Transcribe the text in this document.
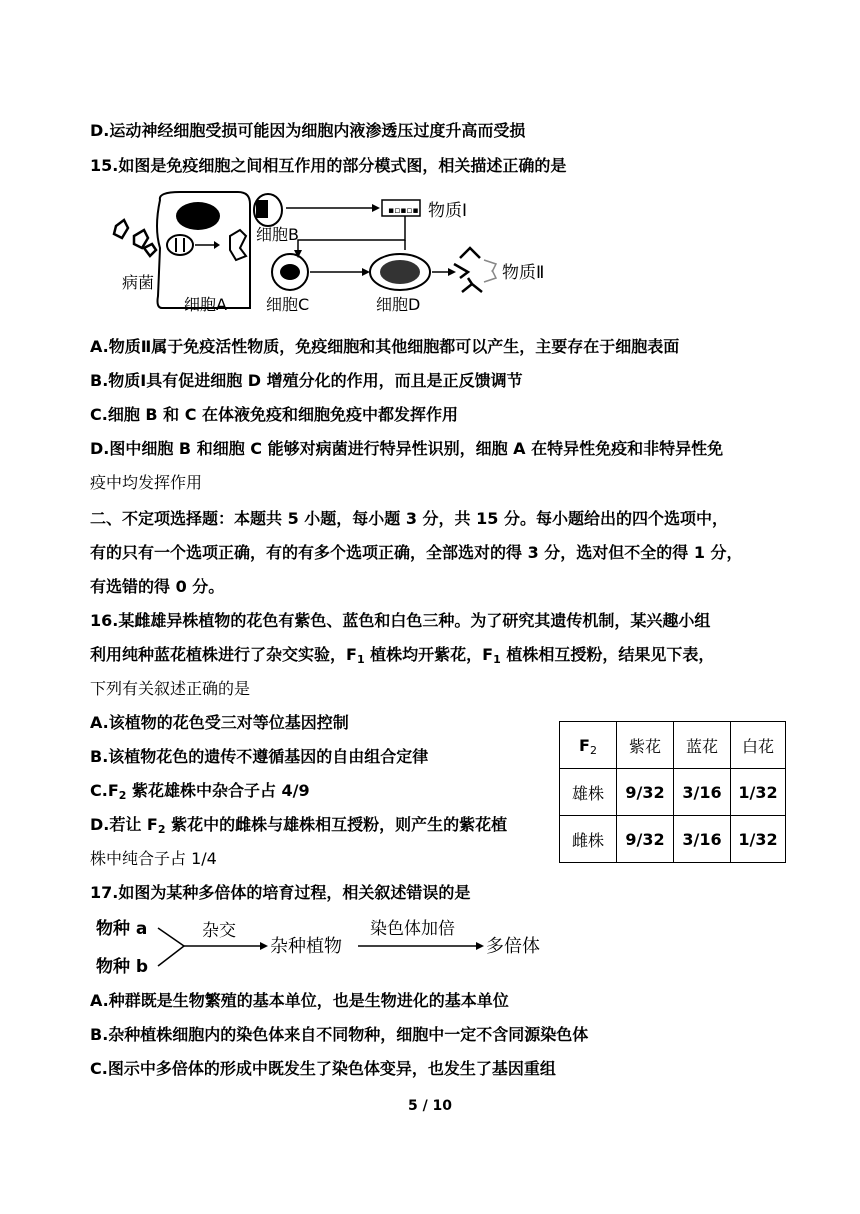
D.运动神经细胞受损可能因为细胞内液渗透压过度升高而受损
15.如图是免疫细胞之间相互作用的部分模式图，相关描述正确的是
病菌
细胞A
细胞B
▪▫▪▫▪ 物质Ⅰ
细胞C	细胞D
物质Ⅱ
A.物质Ⅱ属于免疫活性物质，免疫细胞和其他细胞都可以产生，主要存在于细胞表面
B.物质Ⅰ具有促进细胞 D 增殖分化的作用，而且是正反馈调节
C.细胞 B 和 C 在体液免疫和细胞免疫中都发挥作用
D.图中细胞 B 和细胞 C 能够对病菌进行特异性识别，细胞 A 在特异性免疫和非特异性免
疫中均发挥作用
二、不定项选择题：本题共 5 小题，每小题 3 分，共 15 分。每小题给出的四个选项中，
有的只有一个选项正确，有的有多个选项正确，全部选对的得 3 分，选对但不全的得 1 分，
有选错的得 0 分。
16.某雌雄异株植物的花色有紫色、蓝色和白色三种。为了研究其遗传机制，某兴趣小组
利用纯种蓝花植株进行了杂交实验，$F_1$ 植株均开紫花，$F_1$ 植株相互授粉，结果见下表，
下列有关叙述正确的是
A.该植物的花色受三对等位基因控制
B.该植物花色的遗传不遵循基因的自由组合定律
$C.F_2$ 紫花雄株中杂合子占 4/9
D.若让 $F_2$ 紫花中的雌株与雄株相互授粉，则产生的紫花植
株中纯合子占 1/4
$F_2$	紫花	蓝花	白花
雄株	9/32	3/16	1/32
雌株	9/32	3/16	1/32
17.如图为某种多倍体的培育过程，相关叙述错误的是
物种 a
物种 b
杂交
杂种植物
染色体加倍
多倍体
A.种群既是生物繁殖的基本单位，也是生物进化的基本单位
B.杂种植株细胞内的染色体来自不同物种，细胞中一定不含同源染色体
C.图示中多倍体的形成中既发生了染色体变异，也发生了基因重组
5 / 10
